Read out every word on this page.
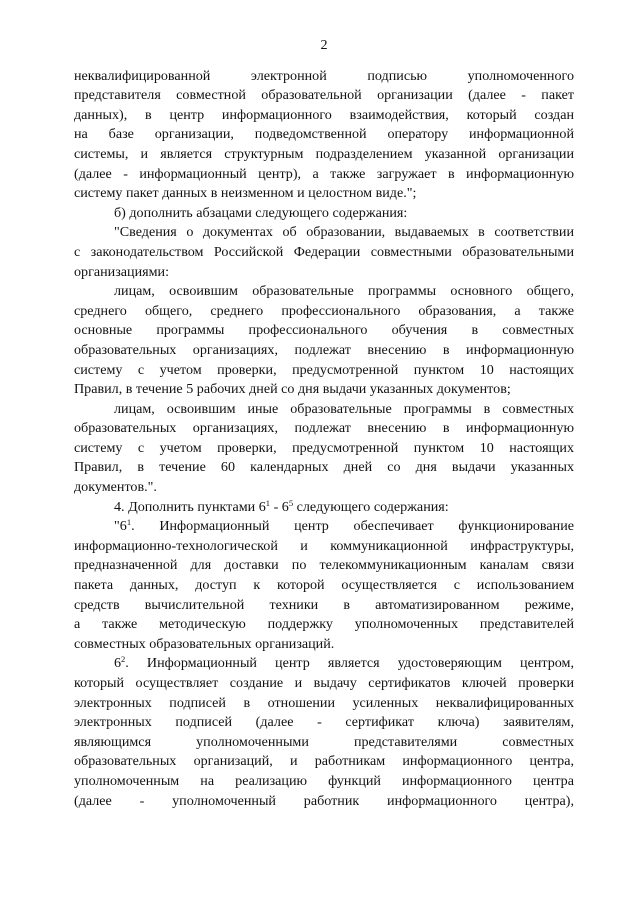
2
неквалифицированной электронной подписью уполномоченного
представителя совместной образовательной организации (далее - пакет
данных), в центр информационного взаимодействия, который создан
на базе организации, подведомственной оператору информационной
системы, и является структурным подразделением указанной организации
(далее - информационный центр), а также загружает в информационную
систему пакет данных в неизменном и целостном виде.";
б) дополнить абзацами следующего содержания:
"Сведения о документах об образовании, выдаваемых в соответствии
с законодательством Российской Федерации совместными образовательными
организациями:
лицам, освоившим образовательные программы основного общего,
среднего общего, среднего профессионального образования, а также
основные программы профессионального обучения в совместных
образовательных организациях, подлежат внесению в информационную
систему с учетом проверки, предусмотренной пунктом 10 настоящих
Правил, в течение 5 рабочих дней со дня выдачи указанных документов;
лицам, освоившим иные образовательные программы в совместных
образовательных организациях, подлежат внесению в информационную
систему с учетом проверки, предусмотренной пунктом 10 настоящих
Правил, в течение 60 календарных дней со дня выдачи указанных
документов.".
4. Дополнить пунктами $6^1 - 6^5$ следующего содержания:
"$6^1$. Информационный центр обеспечивает функционирование
информационно-технологической и коммуникационной инфраструктуры,
предназначенной для доставки по телекоммуникационным каналам связи
пакета данных, доступ к которой осуществляется с использованием
средств вычислительной техники в автоматизированном режиме,
а также методическую поддержку уполномоченных представителей
совместных образовательных организаций.
$6^2$. Информационный центр является удостоверяющим центром,
который осуществляет создание и выдачу сертификатов ключей проверки
электронных подписей в отношении усиленных неквалифицированных
электронных подписей (далее - сертификат ключа) заявителям,
являющимся уполномоченными представителями совместных
образовательных организаций, и работникам информационного центра,
уполномоченным на реализацию функций информационного центра
(далее - уполномоченный работник информационного центра),
